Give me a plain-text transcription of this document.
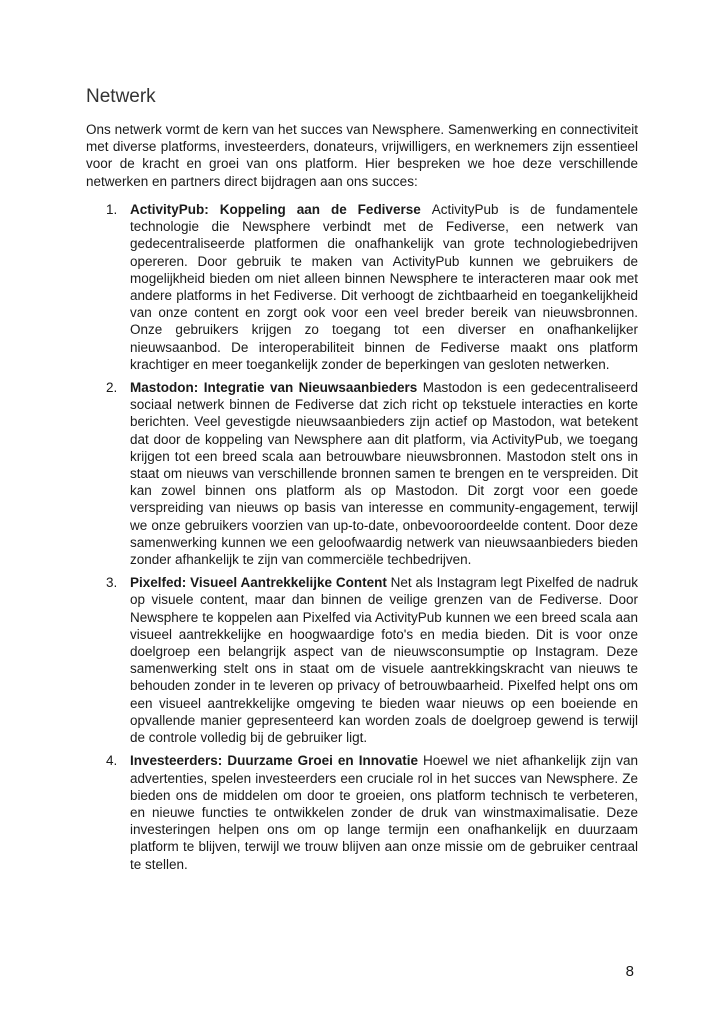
Netwerk

Ons netwerk vormt de kern van het succes van Newsphere. Samenwerking en connectiviteit met diverse platforms, investeerders, donateurs, vrijwilligers, en werknemers zijn essentieel voor de kracht en groei van ons platform. Hier bespreken we hoe deze verschillende netwerken en partners direct bijdragen aan ons succes:

1. ActivityPub: Koppeling aan de Fediverse ActivityPub is de fundamentele technologie die Newsphere verbindt met de Fediverse, een netwerk van gedecentraliseerde platformen die onafhankelijk van grote technologiebedrijven opereren. Door gebruik te maken van ActivityPub kunnen we gebruikers de mogelijkheid bieden om niet alleen binnen Newsphere te interacteren maar ook met andere platforms in het Fediverse. Dit verhoogt de zichtbaarheid en toegankelijkheid van onze content en zorgt ook voor een veel breder bereik van nieuwsbronnen. Onze gebruikers krijgen zo toegang tot een diverser en onafhankelijker nieuwsaanbod. De interoperabiliteit binnen de Fediverse maakt ons platform krachtiger en meer toegankelijk zonder de beperkingen van gesloten netwerken.
2. Mastodon: Integratie van Nieuwsaanbieders Mastodon is een gedecentraliseerd sociaal netwerk binnen de Fediverse dat zich richt op tekstuele interacties en korte berichten. Veel gevestigde nieuwsaanbieders zijn actief op Mastodon, wat betekent dat door de koppeling van Newsphere aan dit platform, via ActivityPub, we toegang krijgen tot een breed scala aan betrouwbare nieuwsbronnen. Mastodon stelt ons in staat om nieuws van verschillende bronnen samen te brengen en te verspreiden. Dit kan zowel binnen ons platform als op Mastodon. Dit zorgt voor een goede verspreiding van nieuws op basis van interesse en community-engagement, terwijl we onze gebruikers voorzien van up-to-date, onbevooroordeelde content. Door deze samenwerking kunnen we een geloofwaardig netwerk van nieuwsaanbieders bieden zonder afhankelijk te zijn van commerciële techbedrijven.
3. Pixelfed: Visueel Aantrekkelijke Content Net als Instagram legt Pixelfed de nadruk op visuele content, maar dan binnen de veilige grenzen van de Fediverse. Door Newsphere te koppelen aan Pixelfed via ActivityPub kunnen we een breed scala aan visueel aantrekkelijke en hoogwaardige foto's en media bieden. Dit is voor onze doelgroep een belangrijk aspect van de nieuwsconsumptie op Instagram. Deze samenwerking stelt ons in staat om de visuele aantrekkingskracht van nieuws te behouden zonder in te leveren op privacy of betrouwbaarheid. Pixelfed helpt ons om een visueel aantrekkelijke omgeving te bieden waar nieuws op een boeiende en opvallende manier gepresenteerd kan worden zoals de doelgroep gewend is terwijl de controle volledig bij de gebruiker ligt.
4. Investeerders: Duurzame Groei en Innovatie Hoewel we niet afhankelijk zijn van advertenties, spelen investeerders een cruciale rol in het succes van Newsphere. Ze bieden ons de middelen om door te groeien, ons platform technisch te verbeteren, en nieuwe functies te ontwikkelen zonder de druk van winstmaximalisatie. Deze investeringen helpen ons om op lange termijn een onafhankelijk en duurzaam platform te blijven, terwijl we trouw blijven aan onze missie om de gebruiker centraal te stellen.
8
